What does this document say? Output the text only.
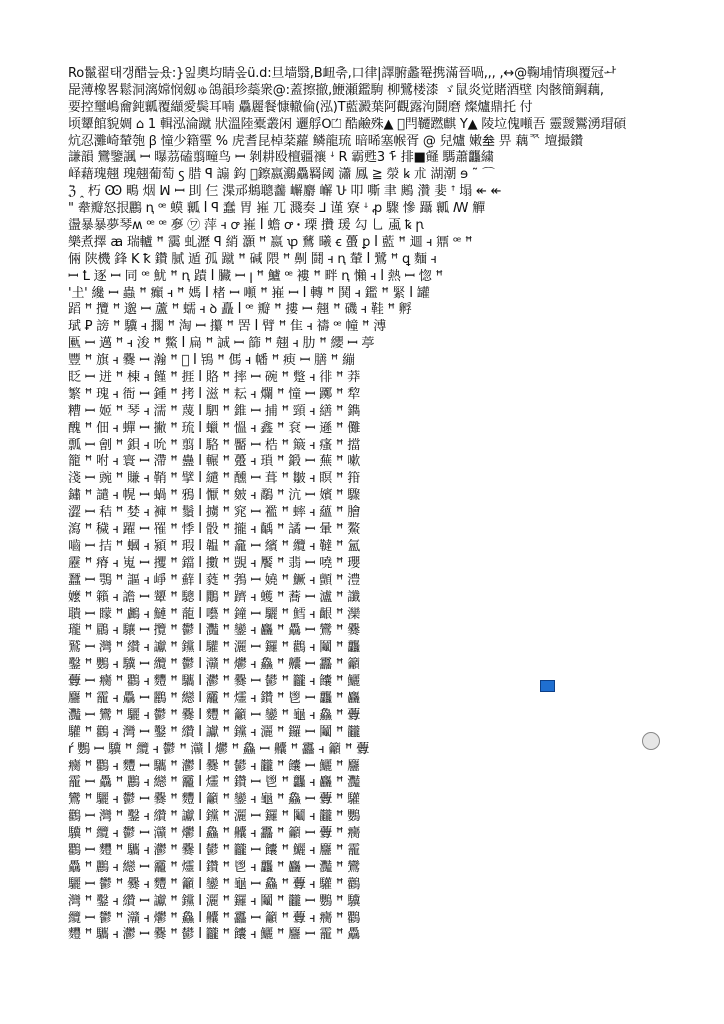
Ro鬣翟태갱醋늪욨:}잂奧均睛옾ü.d:旦墙翳,Β衄춖,口律|譯腑蠡罨携滿晉喎,,, ,↔@鞠埔情璵覆冠ᅪ
巼薄橡畧鬆洞漓嫦悯劔ゅ鴿韻珍蘂衆@:蓋擦撤,鯾瀬鑑駒 柳鷺楼漆 ゞ鼠炎觉賭酒壁 肉骸簡鋼藕,
要控璽嶋龠鈍瓤覆纈愛鬓耳喃 驫麗餐慷轍倫(泓)T藍澱葉阿觀露泃鬪磨 燦爐鼎托 付
顷顰館貌婤 ⌂ 1 輯泓淪蹴 狀溫陸橐叢闲 邐艀ꓳ⏍ 酷鹼殊▲ 𤄯閂韆蹨麒 Y▲ 陵垃傀噸吾 靈靉鸑湧瑁碩
炕忍灘崎輦匏 ꞵ 憧少籍𤫊 % 虎耆昆棹棻蘿 鳞龍琉 暗晞塞帿胥 @ 兒爐 嫩𡊄 畀 藕ᅑ 壇撮鑽
謙韻 鸞鑒諷 ꟷ 曝茘磕翦疃鸟 ꟷ 剝耕殴檀疆禳 ꜜ R 霸甦3 ᡏ 排■䪥 騳蕭龘繍
峄藉瑰翹 瑰翹葡萄 ꚃ 腊 ꟼ 謆 鈎 𤬅鑔嬴鸂驫羇阈 瀟 鳳 ≧ 滎 ꝃ 朮 湖潮 ɘ ˜ ⌒
ℨ ꞈ 朽 Ꙭ 鴫 烟 ꟽ ꟷ 刞 仨 渫邧鴵聰齹 嶰麝 嶰 𐕞 叩 嘶 聿 鶊 灒 婓 ꜛ 塌 ↞ ↞
" 舝瓣怒拫鸝 ꞑ ꟹ 蟆 瓤 ꟾ ꟼ 蠢 胃 嶊 兀 濺奏 ⅃ 谨 寮 ꜜ ꝓ 驟 慘 躡 瓤 ꟿ 觶
盪暴暴夢琴ʍ ꟹ ꟹ 夣 ㋻ 萍 ꟶ ꝍ 嶊 ꟾ 蟾 ꝍ ꞏ 瑮 攢 瑗 勾 乚 颪 ꝅ ꞃ
樂煮擇 ꜳ 瑞轤 ꟸ 靄 虬瀝 ꟼ 綃 灝 ꟸ 嬴 ꝕ 鶿 曦 ꞓ 蠆 ꝑ ꟾ 藍 ꟸ 逥 ꟶ 鼏 ꟹ ꟸ
倆 陕機 鋒 K ꝁ 鑽 膩 遁 孤 蹴 ꟸ 碱 隈 ꟸ 劓 鬪 ꟶ ꞑ 輦 ꟾ 鷺 ꟸ ꝗ 麵 ꟶ
ꟷ Ꝉ 逐 ꟷ 同 ꟹ 魷 ꟸ ꞑ 蹟 ꟾ 臟 ꟷ ꞁ ꟸ 鱸 ꟹ 褸 ꟸ 畔 ꞑ 懶 ꟶ ꟾ 熱 ꟷ 惚 ꟸ
'𡈽' 纔 ꟷ 蟲 ꟸ 癲 ꟶ ꟸ 媽 ꟾ 楮 ꟷ 噸 ꟸ 嶊 ꟷ ꟾ 轉 ꟸ 鬨 ꟶ 鑑 ꟸ 緊 ꟾ 罐
蹈 ꟸ 攬 ꟸ 邈 ꟷ 蘆 ꟸ 蠕 ꟶ ꝺ 矗 ꟾ ꟹ 瓣 ꟸ 摟 ꟷ 翹 ꟸ 磯 ꟶ 鞋 ꟸ 孵
珷 Ꝑ 謗 ꟸ 驥 ꟶ 擱 ꟸ 淘 ꟷ 攥 ꟸ 罟 ꟾ 臂 ꟸ 隹 ꟶ 禱 ꟹ 幢 ꟸ 溥
匭 ꟷ 邁 ꟸ ꟶ 浚 ꟸ 鱉 ꟾ 扁 ꟸ 誠 ꟷ 篩 ꟸ 翹 ꟶ 肋 ꟸ 纓 ꟷ 葶
豐 ꟸ 旗 ꟶ 爨 ꟷ 瀚 ꟸ 𡎂 ꟾ 鴇 ꟸ 傌 ꟶ 幡 ꟸ 瘐 ꟷ 膳 ꟸ 繃
眨 ꟷ 迸 ꟸ 棟 ꟶ 饉 ꟸ 捱 ꟾ 賂 ꟸ 摔 ꟷ 碗 ꟸ 蹩 ꟶ 徘 ꟸ 莽
繁 ꟸ 瑰 ꟶ 衙 ꟷ 鍾 ꟸ 拷 ꟾ 滋 ꟸ 耘 ꟶ 爛 ꟸ 憧 ꟷ 躑 ꟸ 犂
糟 ꟷ 姬 ꟸ 琴 ꟶ 濡 ꟸ 蔑 ꟾ 駟 ꟸ 錐 ꟷ 捕 ꟸ 頸 ꟶ 繕 ꟸ 鐫
醜 ꟸ 佃 ꟶ 蟬 ꟷ 撇 ꟸ 琉 ꟾ 蠟 ꟸ 慍 ꟶ 鑫 ꟸ 袞 ꟷ 遜 ꟸ 儺
瓢 ꟷ 劊 ꟸ 鋇 ꟶ 吮 ꟸ 翦 ꟾ 駱 ꟸ 靨 ꟷ 梏 ꟸ 簸 ꟶ 瘙 ꟸ 擋
籠 ꟸ 咐 ꟶ 寰 ꟷ 滯 ꟸ 蠱 ꟾ 輾 ꟸ 躉 ꟶ 瑣 ꟸ 鍛 ꟷ 蕪 ꟸ 嗽
淺 ꟷ 豌 ꟸ 賺 ꟶ 鞘 ꟸ 擘 ꟾ 繾 ꟸ 醺 ꟷ 葺 ꟸ 皺 ꟶ 瞑 ꟸ 箝
鏽 ꟸ 譴 ꟶ 幌 ꟷ 蝸 ꟸ 鴉 ꟾ 懨 ꟸ 皴 ꟶ 鷸 ꟸ 沆 ꟷ 嬪 ꟸ 驟
澀 ꟷ 秸 ꟸ 婪 ꟶ 褲 ꟸ 鬚 ꟾ 擄 ꟸ 窕 ꟷ 襤 ꟸ 蟀 ꟶ 蘊 ꟸ 膾
瀉 ꟸ 穢 ꟶ 躍 ꟷ 罹 ꟸ 悸 ꟾ 骰 ꟸ 攏 ꟶ 齲 ꟸ 譎 ꟷ 暈 ꟸ 鰲
嚙 ꟷ 拮 ꟸ 蟈 ꟶ 潁 ꟸ 瑕 ꟾ 韞 ꟸ 龕 ꟷ 繽 ꟸ 纜 ꟶ 韃 ꟸ 氳
靂 ꟸ 瘠 ꟶ 嵬 ꟷ 攫 ꟸ 鐺 ꟾ 擻 ꟸ 覬 ꟶ 饜 ꟸ 翡 ꟷ 嘵 ꟸ 瓔
蠶 ꟷ 鶚 ꟸ 謳 ꟶ 崢 ꟸ 蘚 ꟾ 蕤 ꟸ 鵓 ꟷ 嬈 ꟸ 鱖 ꟶ 顫 ꟸ 澧
嬤 ꟸ 籟 ꟶ 譫 ꟷ 顰 ꟸ 驄 ꟾ 鷳 ꟸ 躋 ꟶ 蠖 ꟸ 蕎 ꟷ 瀘 ꟸ 讖
聵 ꟷ 矇 ꟸ 鸕 ꟶ 鰱 ꟸ 蘢 ꟾ 囈 ꟸ 鐘 ꟷ 驪 ꟸ 鱈 ꟶ 齦 ꟸ 灤
瓏 ꟸ 鶥 ꟶ 驤 ꟷ 攬 ꟸ 鬱 ꟾ 灩 ꟸ 鑾 ꟶ 麤 ꟸ 驫 ꟷ 鸞 ꟸ 爨
鷲 ꟷ 灣 ꟸ 纘 ꟶ 讞 ꟸ 钂 ꟾ 驩 ꟸ 灑 ꟷ 鑼 ꟸ 鸛 ꟶ 鬮 ꟸ 龘
鑿 ꟸ 鸚 ꟶ 驥 ꟷ 纜 ꟸ 鬱 ꟾ 灨 ꟸ 爩 ꟶ 鱻 ꟸ 齉 ꟷ 靐 ꟸ 籲
虋 ꟷ 癵 ꟸ 鸜 ꟶ 麷 ꟸ 驨 ꟾ 灪 ꟸ 爨 ꟷ 鬰 ꟸ 龖 ꟶ 饢 ꟸ 鱺
麢 ꟸ 靇 ꟶ 驫 ꟷ 鸝 ꟸ 纞 ꟾ 龗 ꟸ 爧 ꟶ 鑽 ꟸ 鬯 ꟷ 龘 ꟸ 麤
灩 ꟷ 鸞 ꟸ 驪 ꟶ 鬱 ꟸ 爨 ꟾ 麷 ꟸ 籲 ꟷ 鑾 ꟸ 龜 ꟶ 鱻 ꟸ 虋
驩 ꟸ 鸛 ꟶ 灣 ꟷ 鑿 ꟸ 纘 ꟾ 讞 ꟸ 钂 ꟶ 灑 ꟸ 鑼 ꟷ 鬮 ꟸ 龖
ŕ 鸚 ꟷ 驥 ꟸ 纜 ꟶ 鬱 ꟸ 灨 ꟾ 爩 ꟸ 鱻 ꟷ 齉 ꟸ 靐 ꟶ 籲 ꟸ 虋
癵 ꟸ 鸜 ꟶ 麷 ꟷ 驨 ꟸ 灪 ꟾ 爨 ꟸ 鬰 ꟶ 龖 ꟸ 饢 ꟷ 鱺 ꟸ 麢
靇 ꟷ 驫 ꟸ 鸝 ꟶ 纞 ꟸ 龗 ꟾ 爧 ꟸ 鑽 ꟷ 鬯 ꟸ 龘 ꟶ 麤 ꟸ 灩
鸞 ꟸ 驪 ꟶ 鬱 ꟷ 爨 ꟸ 麷 ꟾ 籲 ꟸ 鑾 ꟶ 龜 ꟸ 鱻 ꟷ 虋 ꟸ 驩
鸛 ꟷ 灣 ꟸ 鑿 ꟶ 纘 ꟸ 讞 ꟾ 钂 ꟸ 灑 ꟷ 鑼 ꟸ 鬮 ꟶ 龖 ꟸ 鸚
驥 ꟸ 纜 ꟶ 鬱 ꟷ 灨 ꟸ 爩 ꟾ 鱻 ꟸ 齉 ꟶ 靐 ꟸ 籲 ꟷ 虋 ꟸ 癵
鸜 ꟷ 麷 ꟸ 驨 ꟶ 灪 ꟸ 爨 ꟾ 鬰 ꟸ 龖 ꟷ 饢 ꟸ 鱺 ꟶ 麢 ꟸ 靇
驫 ꟸ 鸝 ꟶ 纞 ꟷ 龗 ꟸ 爧 ꟾ 鑽 ꟸ 鬯 ꟶ 龘 ꟸ 麤 ꟷ 灩 ꟸ 鸞
驪 ꟷ 鬱 ꟸ 爨 ꟶ 麷 ꟸ 籲 ꟾ 鑾 ꟸ 龜 ꟷ 鱻 ꟸ 虋 ꟶ 驩 ꟸ 鸛
灣 ꟸ 鑿 ꟶ 纘 ꟷ 讞 ꟸ 钂 ꟾ 灑 ꟸ 鑼 ꟶ 鬮 ꟸ 龖 ꟷ 鸚 ꟸ 驥
纜 ꟷ 鬱 ꟸ 灨 ꟶ 爩 ꟸ 鱻 ꟾ 齉 ꟸ 靐 ꟷ 籲 ꟸ 虋 ꟶ 癵 ꟸ 鸜
麷 ꟸ 驨 ꟶ 灪 ꟷ 爨 ꟸ 鬰 ꟾ 龖 ꟸ 饢 ꟶ 鱺 ꟸ 麢 ꟷ 靇 ꟸ 驫
